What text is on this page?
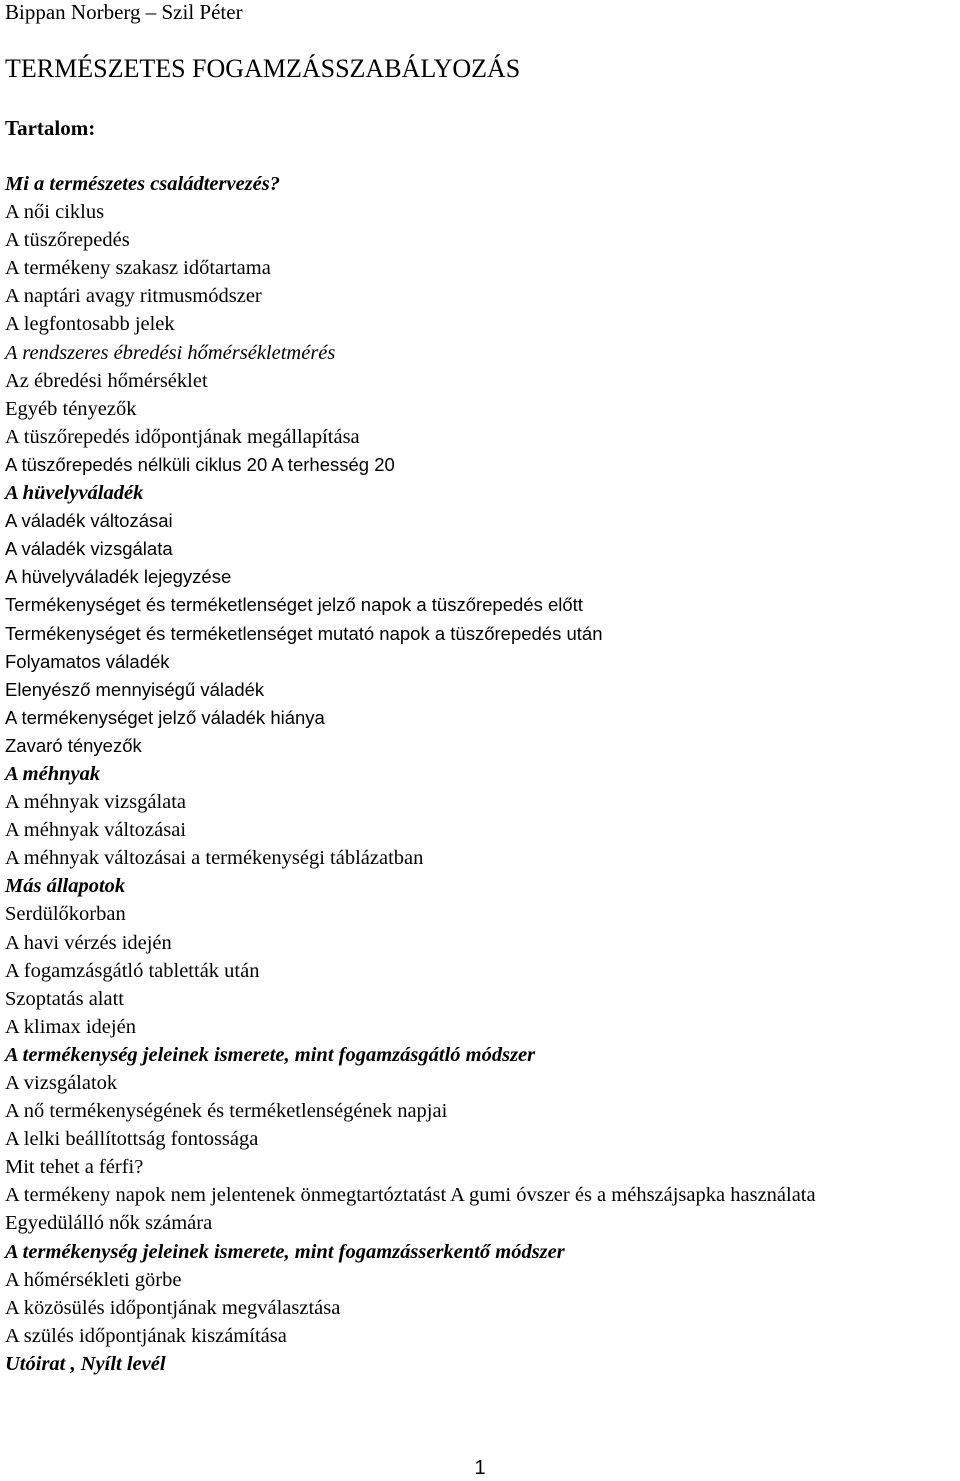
Bippan Norberg – Szil Péter
TERMÉSZETES FOGAMZÁSSZABÁLYOZÁS
Tartalom:
Mi a természetes családtervezés?
A női ciklus
A tüszőrepedés
A termékeny szakasz időtartama
A naptári avagy ritmusmódszer
A legfontosabb jelek
A rendszeres ébredési hőmérsékletmérés
Az ébredési hőmérséklet
Egyéb tényezők
A tüszőrepedés időpontjának megállapítása
A tüszőrepedés nélküli ciklus 20 A terhesség 20
A hüvelyváladék
A váladék változásai
A váladék vizsgálata
A hüvelyváladék lejegyzése
Termékenységet és terméketlenséget jelző napok a tüszőrepedés előtt
Termékenységet és terméketlenséget mutató napok a tüszőrepedés után
Folyamatos váladék
Elenyésző mennyiségű váladék
A termékenységet jelző váladék hiánya
Zavaró tényezők
A méhnyak
A méhnyak vizsgálata
A méhnyak változásai
A méhnyak változásai a termékenységi táblázatban
Más állapotok
Serdülőkorban
A havi vérzés idején
A fogamzásgátló tabletták után
Szoptatás alatt
A klimax idején
A termékenység jeleinek ismerete, mint fogamzásgátló módszer
A vizsgálatok
A nő termékenységének és terméketlenségének napjai
A lelki beállítottság fontossága
Mit tehet a férfi?
A termékeny napok nem jelentenek önmegtartóztatást A gumi óvszer és a méhszájsapka használata
Egyedülálló nők számára
A termékenység jeleinek ismerete, mint fogamzásserkentő módszer
A hőmérsékleti görbe
A közösülés időpontjának megválasztása
A szülés időpontjának kiszámítása
Utóirat , Nyílt levél
1
